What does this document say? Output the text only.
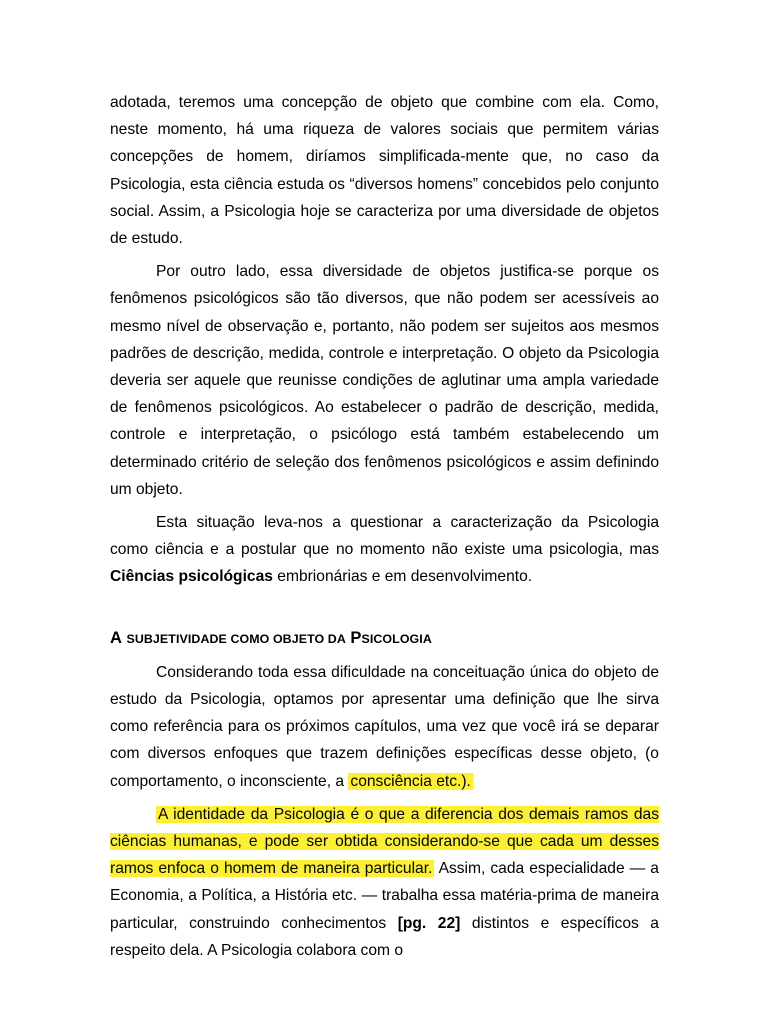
adotada, teremos uma concepção de objeto que combine com ela. Como, neste momento, há uma riqueza de valores sociais que permitem várias concepções de homem, diríamos simplificada-mente que, no caso da Psicologia, esta ciência estuda os “diversos homens” concebidos pelo conjunto social. Assim, a Psicologia hoje se caracteriza por uma diversidade de objetos de estudo.

Por outro lado, essa diversidade de objetos justifica-se porque os fenômenos psicológicos são tão diversos, que não podem ser acessíveis ao mesmo nível de observação e, portanto, não podem ser sujeitos aos mesmos padrões de descrição, medida, controle e interpretação. O objeto da Psicologia deveria ser aquele que reunisse condições de aglutinar uma ampla variedade de fenômenos psicológicos. Ao estabelecer o padrão de descrição, medida, controle e interpretação, o psicólogo está também estabelecendo um determinado critério de seleção dos fenômenos psicológicos e assim definindo um objeto.

Esta situação leva-nos a questionar a caracterização da Psicologia como ciência e a postular que no momento não existe uma psicologia, mas Ciências psicológicas embrionárias e em desenvolvimento.

A SUBJETIVIDADE COMO OBJETO DA PSICOLOGIA

Considerando toda essa dificuldade na conceituação única do objeto de estudo da Psicologia, optamos por apresentar uma definição que lhe sirva como referência para os próximos capítulos, uma vez que você irá se deparar com diversos enfoques que trazem definições específicas desse objeto, (o comportamento, o inconsciente, a consciência etc.).

A identidade da Psicologia é o que a diferencia dos demais ramos das ciências humanas, e pode ser obtida considerando-se que cada um desses ramos enfoca o homem de maneira particular. Assim, cada especialidade — a Economia, a Política, a História etc. — trabalha essa matéria-prima de maneira particular, construindo conhecimentos [pg. 22] distintos e específicos a respeito dela. A Psicologia colabora com o
